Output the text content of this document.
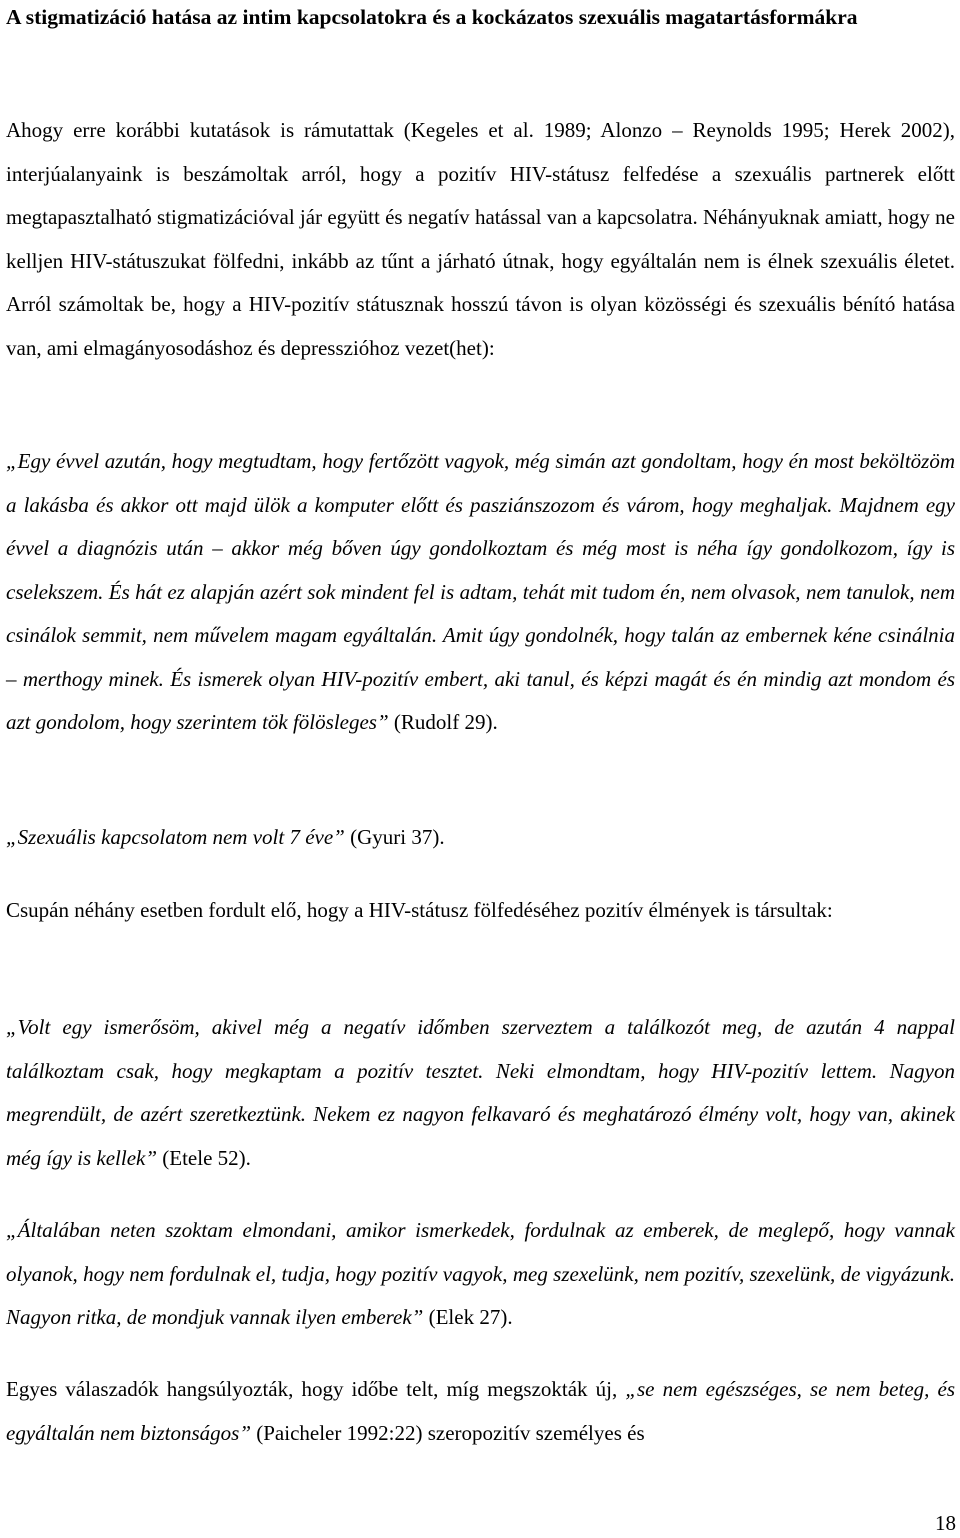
A stigmatizáció hatása az intim kapcsolatokra és a kockázatos szexuális magatartásformákra
Ahogy erre korábbi kutatások is rámutattak (Kegeles et al. 1989; Alonzo – Reynolds 1995; Herek 2002), interjúalanyaink is beszámoltak arról, hogy a pozitív HIV-státusz felfedése a szexuális partnerek előtt megtapasztalható stigmatizációval jár együtt és negatív hatással van a kapcsolatra. Néhányuknak amiatt, hogy ne kelljen HIV-státuszukat fölfedni, inkább az tűnt a járható útnak, hogy egyáltalán nem is élnek szexuális életet. Arról számoltak be, hogy a HIV-pozitív státusznak hosszú távon is olyan közösségi és szexuális bénító hatása van, ami elmagányosodáshoz és depresszióhoz vezet(het):
„Egy évvel azután, hogy megtudtam, hogy fertőzött vagyok, még simán azt gondoltam, hogy én most beköltözöm a lakásba és akkor ott majd ülök a komputer előtt és pasziánszozom és várom, hogy meghaljak. Majdnem egy évvel a diagnózis után – akkor még bőven úgy gondolkoztam és még most is néha így gondolkozom, így is cselekszem. És hát ez alapján azért sok mindent fel is adtam, tehát mit tudom én, nem olvasok, nem tanulok, nem csinálok semmit, nem művelem magam egyáltalán. Amit úgy gondolnék, hogy talán az embernek kéne csinálnia – merthogy minek. És ismerek olyan HIV-pozitív embert, aki tanul, és képzi magát és én mindig azt mondom és azt gondolom, hogy szerintem tök fölösleges” (Rudolf 29).
„Szexuális kapcsolatom nem volt 7 éve” (Gyuri 37).
Csupán néhány esetben fordult elő, hogy a HIV-státusz fölfedéséhez pozitív élmények is társultak:
„Volt egy ismerősöm, akivel még a negatív időmben szerveztem a találkozót meg, de azután 4 nappal találkoztam csak, hogy megkaptam a pozitív tesztet. Neki elmondtam, hogy HIV-pozitív lettem. Nagyon megrendült, de azért szeretkeztünk. Nekem ez nagyon felkavaró és meghatározó élmény volt, hogy van, akinek még így is kellek” (Etele 52).
„Általában neten szoktam elmondani, amikor ismerkedek, fordulnak az emberek, de meglepő, hogy vannak olyanok, hogy nem fordulnak el, tudja, hogy pozitív vagyok, meg szexelünk, nem pozitív, szexelünk, de vigyázunk. Nagyon ritka, de mondjuk vannak ilyen emberek” (Elek 27).
Egyes válaszadók hangsúlyozták, hogy időbe telt, míg megszokták új, „se nem egészséges, se nem beteg, és egyáltalán nem biztonságos” (Paicheler 1992:22) szeropozitív személyes és
18
